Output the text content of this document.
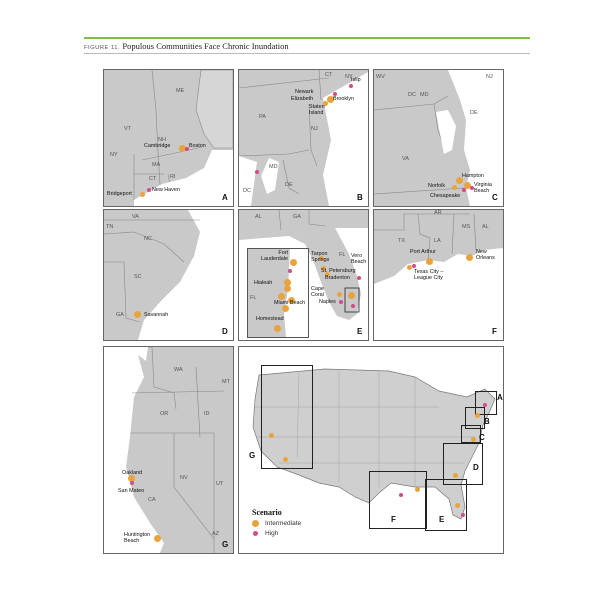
FIGURE 11. Populous Communities Face Chronic Inundation
ME
VT
NH
NY
MA
CT RI
Cambridge	Boston
New Haven
Bridgeport	A
CT NY
PA
NJ
MD
DE
DC
Newark
Elizabeth
Islip
Brooklyn
Staten Island
B
WV	NJ
DC MD
DE
VA
Hampton
Norfolk	Virginia Beach
Chesapeake	C
TN
VA
NC
SC
GA	Savannah
D
AL	GA
FL
Tarpon Springs
Vero Beach
St. Petersburg
Bradenton
Cape Coral
Naples
Fort Lauderdale
Hialeah
FL
Miami Beach
Homestead
E
AR
MS AL
TX	LA
Port Arthur	New Orleans
Texas City – League City
F
WA
MT
OR	ID
NV
UT
CA
AZ
Oakland
San Mateo
Huntington Beach	G
A
B
C
D
E
F
G
Scenario
Intermediate
High
